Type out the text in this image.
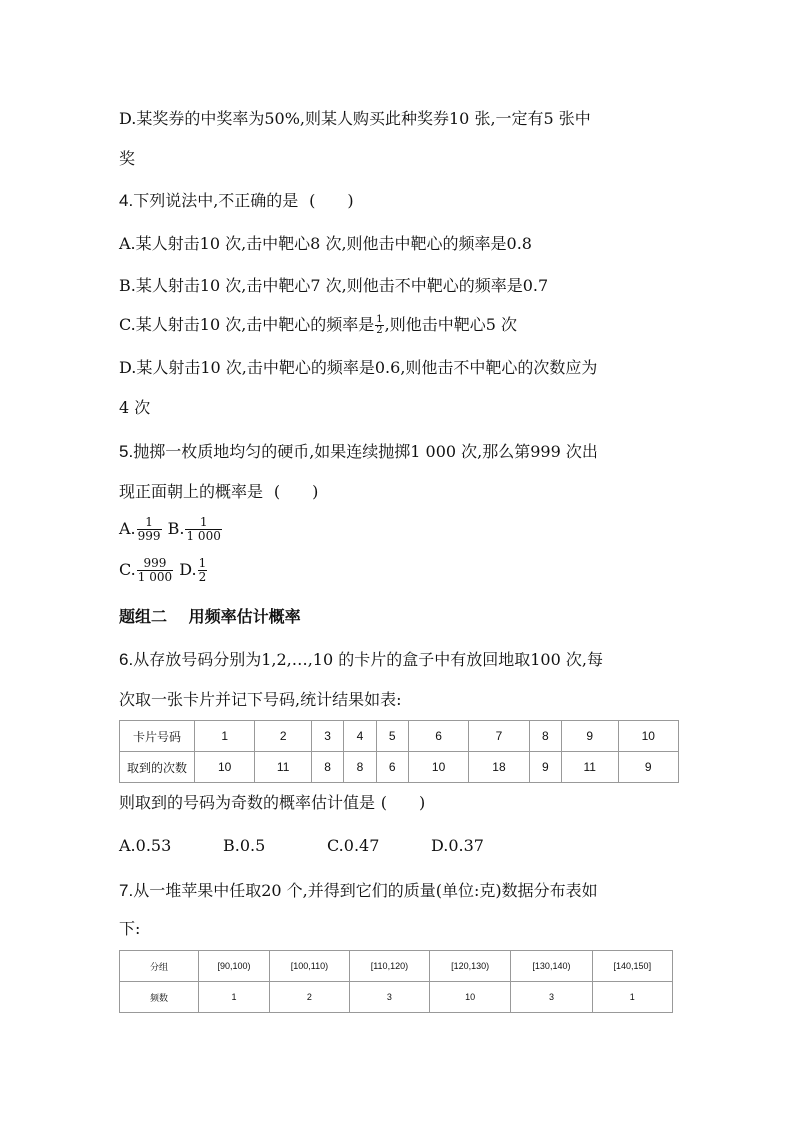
D.某奖券的中奖率为50%,则某人购买此种奖券10 张,一定有5 张中
奖
4.下列说法中,不正确的是 (　　)
A.某人射击10 次,击中靶心8 次,则他击中靶心的频率是0.8
B.某人射击10 次,击中靶心7 次,则他击不中靶心的频率是0.7
C.某人射击10 次,击中靶心的频率是 $\frac{1}{2}$ ,则他击中靶心5 次
D.某人射击10 次,击中靶心的频率是0.6,则他击不中靶心的次数应为
4 次
5.抛掷一枚质地均匀的硬币,如果连续抛掷1 000 次,那么第999 次出
现正面朝上的概率是 (　　)
A. $\frac{1}{999} B$. $\frac{1}{1 000}$
C. $\frac{999}{1 000} D$. $\frac{1}{2}$
题组二　 用频率估计概率
6.从存放号码分别为1,2,…,10 的卡片的盒子中有放回地取100 次,每
次取一张卡片并记下号码,统计结果如表:
卡片号码	1	2	3	4	5	6	7	8	9	10
取到的次数	10	11	8	8	6	10	18	9	11	9
则取到的号码为奇数的概率估计值是 (　　)
A.0.53	B.0.5	C.0.47	D.0.37
7.从一堆苹果中任取20 个,并得到它们的质量(单位:克)数据分布表如
下:
分组	[90,100)	[100,110)	[110,120)	[120,130)	[130,140)	[140,150]
频数	1	2	3	10	3	1
